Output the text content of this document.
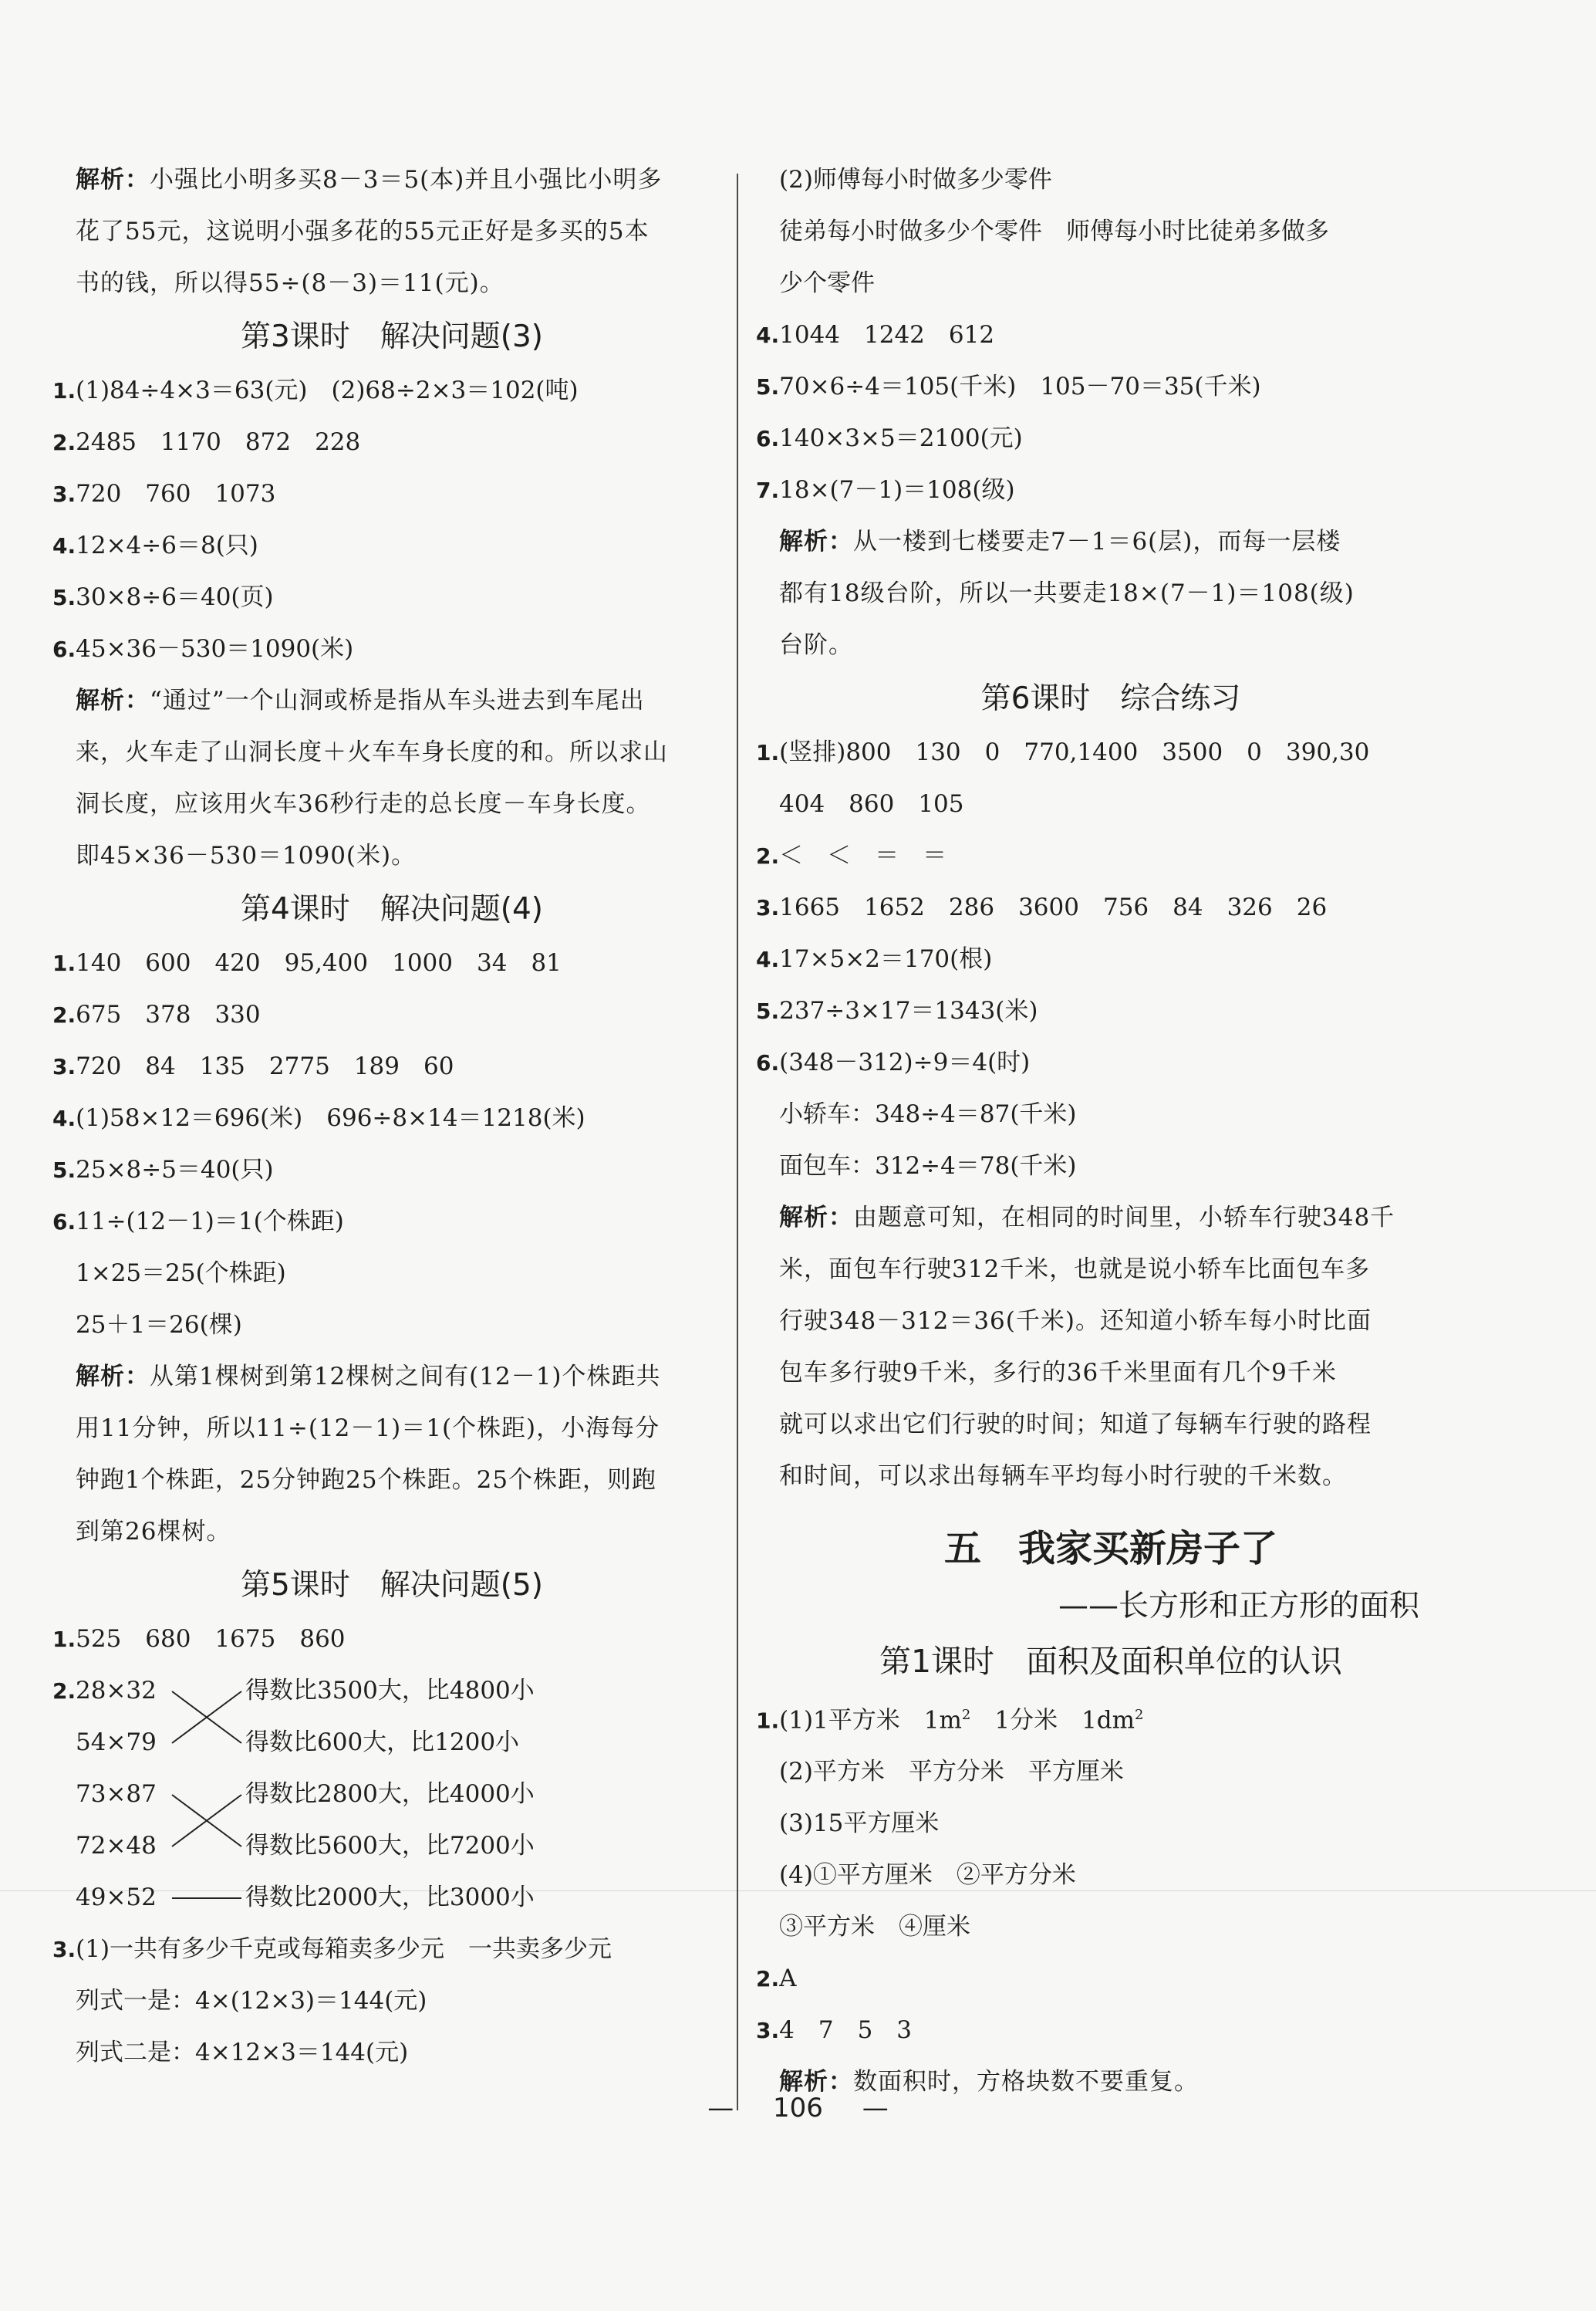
解析：小强比小明多买8－3＝5(本)并且小强比小明多
花了55元，这说明小强多花的55元正好是多买的5本
书的钱，所以得55÷(8－3)＝11(元)。
第3课时　解决问题(3)
1.(1)84÷4×3＝63(元)　(2)68÷2×3＝102(吨)
2.2485　1170　872　228
3.720　760　1073
4.12×4÷6＝8(只)
5.30×8÷6＝40(页)
6.45×36－530＝1090(米)
解析：“通过”一个山洞或桥是指从车头进去到车尾出
来，火车走了山洞长度＋火车车身长度的和。所以求山
洞长度，应该用火车36秒行走的总长度－车身长度。
即45×36－530＝1090(米)。
第4课时　解决问题(4)
1.140　600　420　95,400　1000　34　81
2.675　378　330
3.720　84　135　2775　189　60
4.(1)58×12＝696(米)　696÷8×14＝1218(米)
5.25×8÷5＝40(只)
6.11÷(12－1)＝1(个株距)
1×25＝25(个株距)
25＋1＝26(棵)
解析：从第1棵树到第12棵树之间有(12－1)个株距共
用11分钟，所以11÷(12－1)＝1(个株距)，小海每分
钟跑1个株距，25分钟跑25个株距。25个株距，则跑
到第26棵树。
第5课时　解决问题(5)
1.525　680　1675　860
2. 28×32
54×79
73×87
72×48
49×52
得数比3500大，比4800小
得数比600大，比1200小
得数比2800大，比4000小
得数比5600大，比7200小
得数比2000大，比3000小
3.(1)一共有多少千克或每箱卖多少元　一共卖多少元
列式一是：4×(12×3)＝144(元)
列式二是：4×12×3＝144(元)
(2)师傅每小时做多少零件
徒弟每小时做多少个零件　师傅每小时比徒弟多做多
少个零件
4.1044　1242　612
5.70×6÷4＝105(千米)　105－70＝35(千米)
6.140×3×5＝2100(元)
7.18×(7－1)＝108(级)
解析：从一楼到七楼要走7－1＝6(层)，而每一层楼
都有18级台阶，所以一共要走18×(7－1)＝108(级)
台阶。
第6课时　综合练习
1.(竖排)800　130　0　770,1400　3500　0　390,30
404　860　105
2.＜　＜　＝　＝
3.1665　1652　286　3600　756　84　326　26
4.17×5×2＝170(根)
5.237÷3×17＝1343(米)
6.(348－312)÷9＝4(时)
小轿车：348÷4＝87(千米)
面包车：312÷4＝78(千米)
解析：由题意可知，在相同的时间里，小轿车行驶348千
米，面包车行驶312千米，也就是说小轿车比面包车多
行驶348－312＝36(千米)。还知道小轿车每小时比面
包车多行驶9千米，多行的36千米里面有几个9千米
就可以求出它们行驶的时间；知道了每辆车行驶的路程
和时间，可以求出每辆车平均每小时行驶的千米数。
五　我家买新房子了
——长方形和正方形的面积
第1课时　面积及面积单位的认识
1.(1)1平方米　$1m^2$　1分米　$1dm^2$
(2)平方米　平方分米　平方厘米
(3)15平方厘米
(4)①平方厘米　②平方分米
③平方米　④厘米
2.A
3.4　7　5　3
解析：数面积时，方格块数不要重复。
— 106 —
